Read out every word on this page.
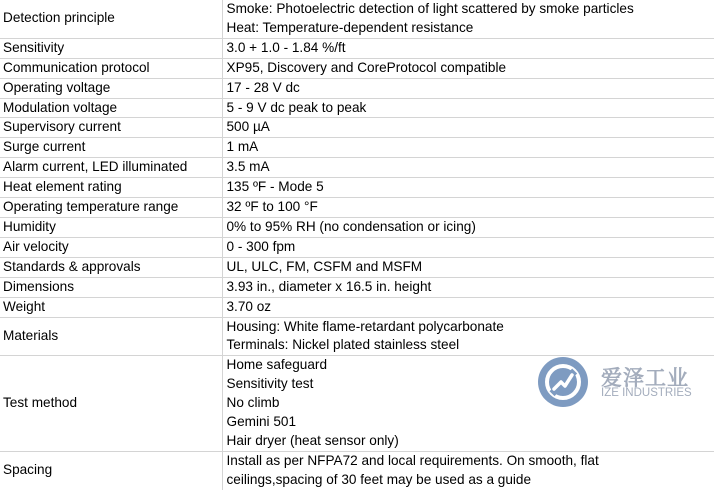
Detection principle	Smoke: Photoelectric detection of light scattered by smoke particles
Heat: Temperature-dependent resistance

Sensitivity	3.0 + 1.0 - 1.84 %/ft

Communication protocol	XP95, Discovery and CoreProtocol compatible

Operating voltage	17 - 28 V dc

Modulation voltage	5 - 9 V dc peak to peak

Supervisory current	500 µA

Surge current	1 mA

Alarm current, LED illuminated	3.5 mA

Heat element rating	135 ºF - Mode 5

Operating temperature range	32 ºF to 100 °F

Humidity	0% to 95% RH (no condensation or icing)

Air velocity	0 - 300 fpm

Standards & approvals	UL, ULC, FM, CSFM and MSFM

Dimensions	3.93 in., diameter x 16.5 in. height

Weight	3.70 oz

Materials	Housing: White flame-retardant polycarbonate
Terminals: Nickel plated stainless steel

Test method	Home safeguard
Sensitivity test
No climb
Gemini 501
Hair dryer (heat sensor only)

Spacing	Install as per NFPA72 and local requirements. On smooth, flat
ceilings,spacing of 30 feet may be used as a guide
爱泽工业
IZE INDUSTRIES
